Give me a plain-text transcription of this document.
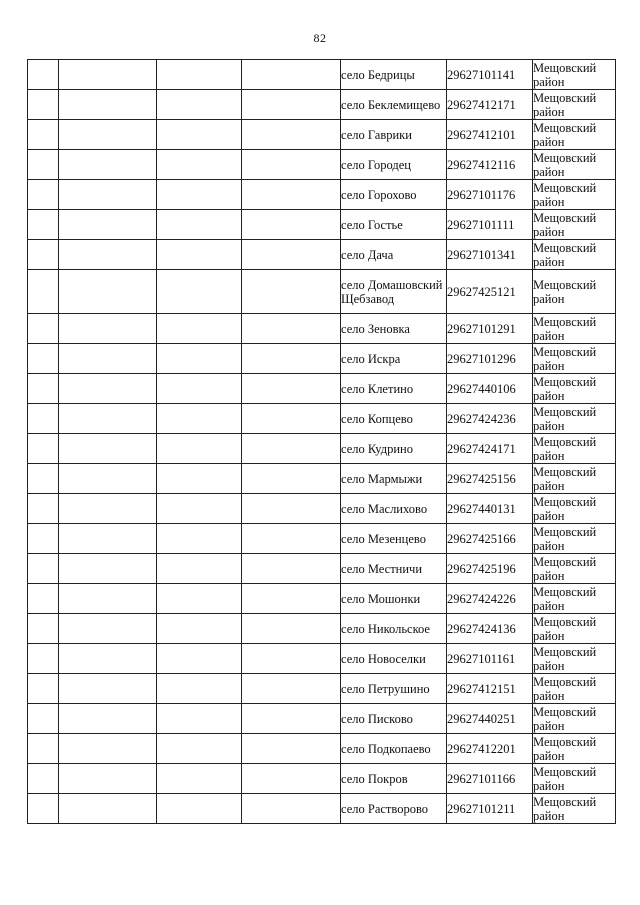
82
				село Бедрицы	29627101141	Мещовский район
				село Беклемищево	29627412171	Мещовский район
				село Гаврики	29627412101	Мещовский район
				село Городец	29627412116	Мещовский район
				село Горохово	29627101176	Мещовский район
				село Гостье	29627101111	Мещовский район
				село Дача	29627101341	Мещовский район
				село Домашовский Щебзавод	29627425121	Мещовский район
				село Зеновка	29627101291	Мещовский район
				село Искра	29627101296	Мещовский район
				село Клетино	29627440106	Мещовский район
				село Копцево	29627424236	Мещовский район
				село Кудрино	29627424171	Мещовский район
				село Мармыжи	29627425156	Мещовский район
				село Маслихово	29627440131	Мещовский район
				село Мезенцево	29627425166	Мещовский район
				село Местничи	29627425196	Мещовский район
				село Мошонки	29627424226	Мещовский район
				село Никольское	29627424136	Мещовский район
				село Новоселки	29627101161	Мещовский район
				село Петрушино	29627412151	Мещовский район
				село Писково	29627440251	Мещовский район
				село Подкопаево	29627412201	Мещовский район
				село Покров	29627101166	Мещовский район
				село Растворово	29627101211	Мещовский район
